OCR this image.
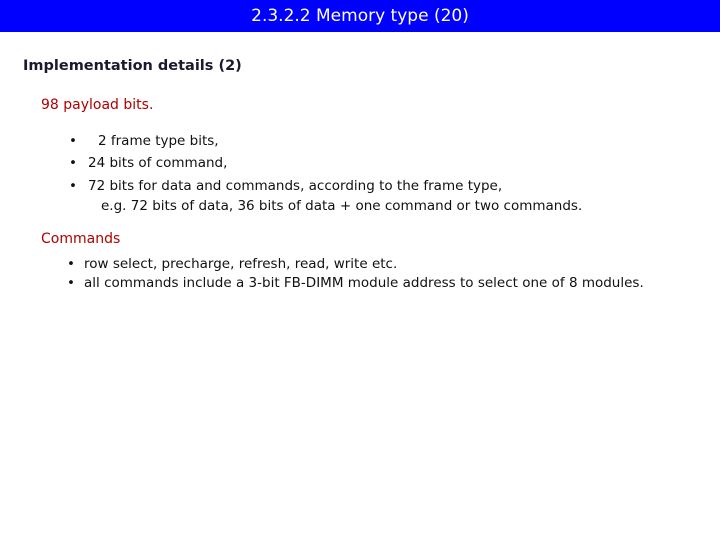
2.3.2.2 Memory type (20)
Implementation details (2)

98 payload bits.

• 2 frame type bits,
• 24 bits of command,
• 72 bits for data and commands, according to the frame type,
e.g. 72 bits of data, 36 bits of data + one command or two commands.

Commands

• row select, precharge, refresh, read, write etc.
• all commands include a 3-bit FB-DIMM module address to select one of 8 modules.
